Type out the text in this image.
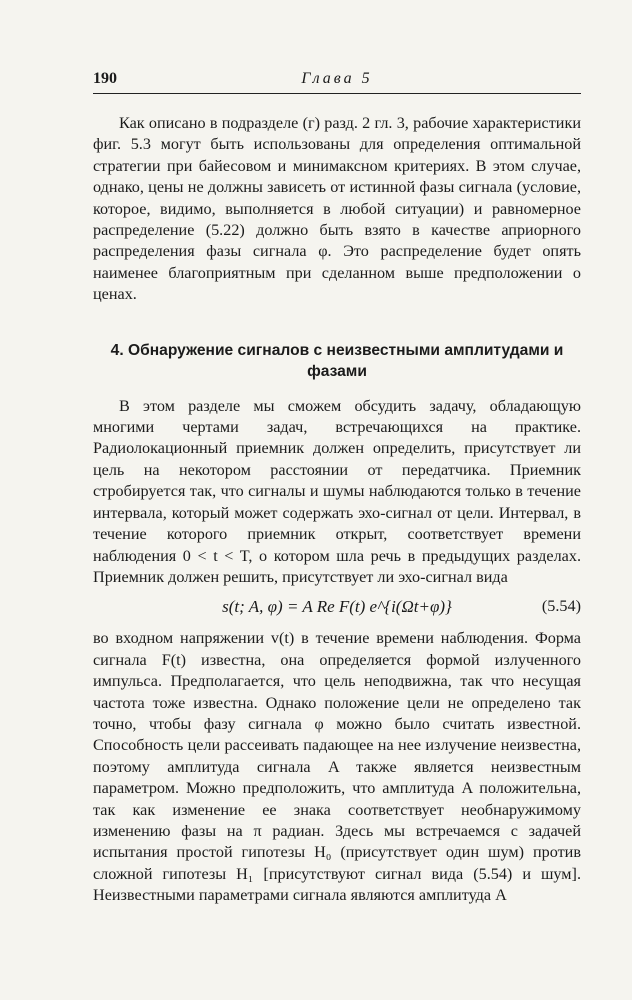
190	Глава 5

Как описано в подразделе (г) разд. 2 гл. 3, рабочие характеристики фиг. 5.3 могут быть использованы для определения оптимальной стратегии при байесовом и минимаксном критериях. В этом случае, однако, цены не должны зависеть от истинной фазы сигнала (условие, которое, видимо, выполняется в любой ситуации) и равномерное распределение (5.22) должно быть взято в качестве априорного распределения фазы сигнала φ. Это распределение будет опять наименее благоприятным при сделанном выше предположении о ценах.

4. Обнаружение сигналов с неизвестными амплитудами и фазами

В этом разделе мы сможем обсудить задачу, обладающую многими чертами задач, встречающихся на практике. Радиолокационный приемник должен определить, присутствует ли цель на некотором расстоянии от передатчика. Приемник стробируется так, что сигналы и шумы наблюдаются только в течение интервала, который может содержать эхо-сигнал от цели. Интервал, в течение которого приемник открыт, соответствует времени наблюдения 0 < t < T, о котором шла речь в предыдущих разделах. Приемник должен решить, присутствует ли эхо-сигнал вида

s(t; A, φ) = A Re F(t) e^{i(Ωt+φ)}	(5.54)

во входном напряжении v(t) в течение времени наблюдения. Форма сигнала F(t) известна, она определяется формой излученного импульса. Предполагается, что цель неподвижна, так что несущая частота тоже известна. Однако положение цели не определено так точно, чтобы фазу сигнала φ можно было считать известной. Способность цели рассеивать падающее на нее излучение неизвестна, поэтому амплитуда сигнала A также является неизвестным параметром. Можно предположить, что амплитуда A положительна, так как изменение ее знака соответствует необнаружимому изменению фазы на π радиан. Здесь мы встречаемся с задачей испытания простой гипотезы H₀ (присутствует один шум) против сложной гипотезы H₁ [присутствуют сигнал вида (5.54) и шум]. Неизвестными параметрами сигнала являются амплитуда A
